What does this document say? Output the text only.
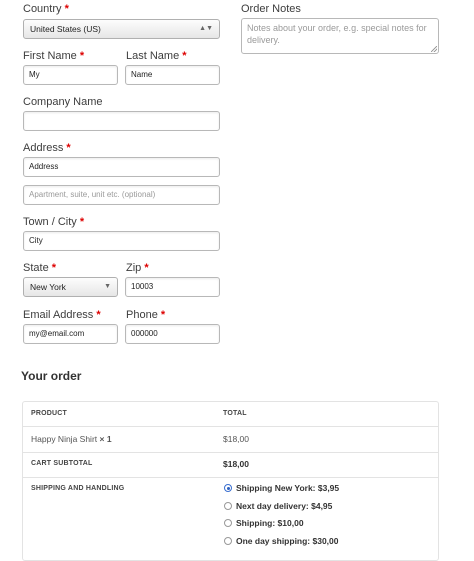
Country *
United States (US)	▲▼
Order Notes
Notes about your order, e.g. special notes for delivery.
First Name *
My
Last Name *
Name
Company Name
Address *
Address
Apartment, suite, unit etc. (optional)
Town / City *
City
State *
New York	▼
Zip *
10003
Email Address *
my@email.com
Phone *
000000
Your order
PRODUCT	TOTAL
Happy Ninja Shirt × 1	$18,00
CART SUBTOTAL	$18,00
SHIPPING AND HANDLING	Shipping New York: $3,95
Next day delivery: $4,95
Shipping: $10,00
One day shipping: $30,00
